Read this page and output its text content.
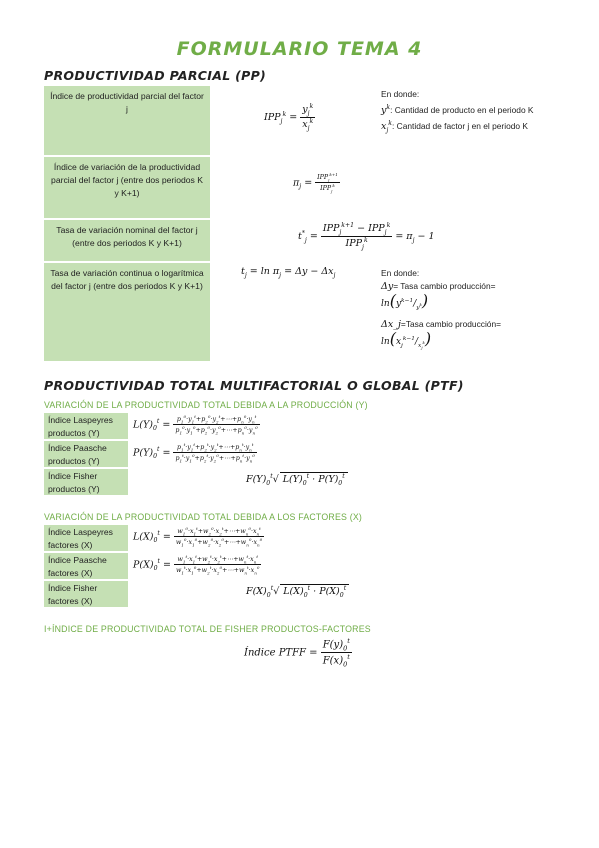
FORMULARIO TEMA 4
PRODUCTIVIDAD PARCIAL (PP)
Índice de productividad parcial del factor j
Índice de variación de la productividad parcial del factor j (entre dos periodos K y K+1)
Tasa de variación nominal del factor j (entre dos periodos K y K+1)
Tasa de variación continua o logarítmica del factor j (entre dos periodos K y K+1)
$IPP_j^k = \frac{y_j^k}{x_j^k}$
$\pi_j = \frac{IPP_j^{k+1}}{IPP_j^k}$
$t^*_j = \frac{IPP_j^{k+1} - IPP_j^k}{IPP_j^k} = \pi_j - 1$
$t_j = \ln \pi_j = \Delta y - \Delta x_j$
En donde:
$y^k$: Cantidad de producto en el periodo K
$x_j^k$: Cantidad de factor j en el periodo K
En donde:
Δy= Tasa cambio producción=
$\ln(y^{k-1}/_{y^k})$
Δx_j=Tasa cambio producción=
$\ln(x_j^{k-1}/_{x_j^k})$
PRODUCTIVIDAD TOTAL MULTIFACTORIAL O GLOBAL (PTF)
VARIACIÓN DE LA PRODUCTIVIDAD TOTAL DEBIDA A LA PRODUCCIÓN (Y)
Índice Laspeyres productos (Y)
Índice Paasche productos (Y)
Índice Fisher productos (Y)
$L(Y)_0^t = \frac{p_1^0\cdot y_1^t+p_2^0\cdot y_2^t+\cdots+p_n^0\cdot y_n^t}{p_1^0\cdot y_1^0+p_2^0\cdot y_2^0+\cdots+p_n^0\cdot y_n^0}$
$P(Y)_0^t = \frac{p_1^t\cdot y_1^t+p_2^t\cdot y_2^t+\cdots+p_n^t\cdot y_n^t}{p_1^t\cdot y_1^0+p_2^t\cdot y_2^0+\cdots+p_n^t\cdot y_n^0}$
$F(Y)_0^t√$ $L(Y)_0^t \cdot P(Y)_0^t$
VARIACIÓN DE LA PRODUCTIVIDAD TOTAL DEBIDA A LOS FACTORES (X)
Índice Laspeyres factores (X)
Índice Paasche factores (X)
Índice Fisher factores (X)
$L(X)_0^t = \frac{w_1^0\cdot x_1^t+w_2^0\cdot x_2^t+\cdots+w_n^0\cdot x_n^t}{w_1^0\cdot x_1^0+w_2^0\cdot x_2^0+\cdots+w_n^0\cdot x_n^0}$
$P(X)_0^t = \frac{w_1^t\cdot x_1^t+w_2^t\cdot x_2^t+\cdots+w_n^t\cdot x_n^t}{w_1^t\cdot x_1^0+w_2^t\cdot x_2^0+\cdots+w_n^t\cdot x_n^0}$
$F(X)_0^t√$ $L(X)_0^t \cdot P(X)_0^t$
I+ÍNDICE DE PRODUCTIVIDAD TOTAL DE FISHER PRODUCTOS-FACTORES
Índice PTFF = $\frac{F(y)_0^t}{F(x)_0^t}$
